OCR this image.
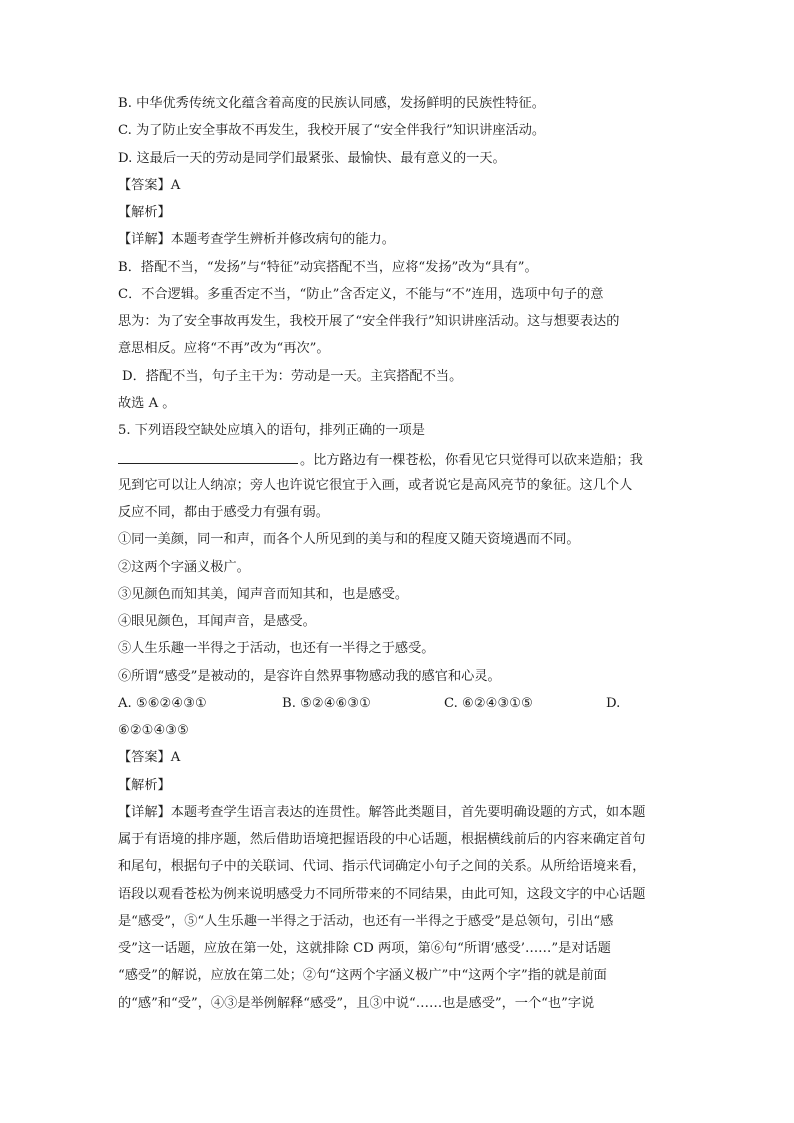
B. 中华优秀传统文化蕴含着高度的民族认同感，发扬鲜明的民族性特征。
C. 为了防止安全事故不再发生，我校开展了“安全伴我行”知识讲座活动。
D. 这最后一天的劳动是同学们最紧张、最愉快、最有意义的一天。
【答案】A
【解析】
【详解】本题考查学生辨析并修改病句的能力。
B．搭配不当，“发扬”与“特征”动宾搭配不当，应将“发扬”改为“具有”。
C．不合逻辑。多重否定不当，“防止”含否定义，不能与“不”连用，选项中句子的意
思为：为了安全事故再发生，我校开展了“安全伴我行”知识讲座活动。这与想要表达的
意思相反。应将“不再”改为“再次”。
D．搭配不当，句子主干为：劳动是一天。主宾搭配不当。
故选 A 。
5. 下列语段空缺处应填入的语句，排列正确的一项是
。比方路边有一棵苍松，你看见它只觉得可以砍来造船；我
见到它可以让人纳凉；旁人也许说它很宜于入画，或者说它是高风亮节的象征。这几个人
反应不同，都由于感受力有强有弱。
①同一美颜，同一和声，而各个人所见到的美与和的程度又随天资境遇而不同。
②这两个字涵义极广。
③见颜色而知其美，闻声音而知其和，也是感受。
④眼见颜色，耳闻声音，是感受。
⑤人生乐趣一半得之于活动，也还有一半得之于感受。
⑥所谓“感受”是被动的，是容许自然界事物感动我的感官和心灵。
A. ⑤⑥②④③①	B. ⑤②④⑥③①	C. ⑥②④③①⑤	D.
⑥②①④③⑤
【答案】A
【解析】
【详解】本题考查学生语言表达的连贯性。解答此类题目，首先要明确设题的方式，如本题
属于有语境的排序题，然后借助语境把握语段的中心话题，根据横线前后的内容来确定首句
和尾句，根据句子中的关联词、代词、指示代词确定小句子之间的关系。从所给语境来看，
语段以观看苍松为例来说明感受力不同所带来的不同结果，由此可知，这段文字的中心话题
是“感受”，⑤“人生乐趣一半得之于活动，也还有一半得之于感受”是总领句，引出“感
受”这一话题，应放在第一处，这就排除 CD 两项，第⑥句“所谓‘感受’……”是对话题
“感受”的解说，应放在第二处；②句“这两个字涵义极广”中“这两个字”指的就是前面
的“感”和“受”，④③是举例解释“感受”，且③中说“……也是感受”，一个“也”字说
